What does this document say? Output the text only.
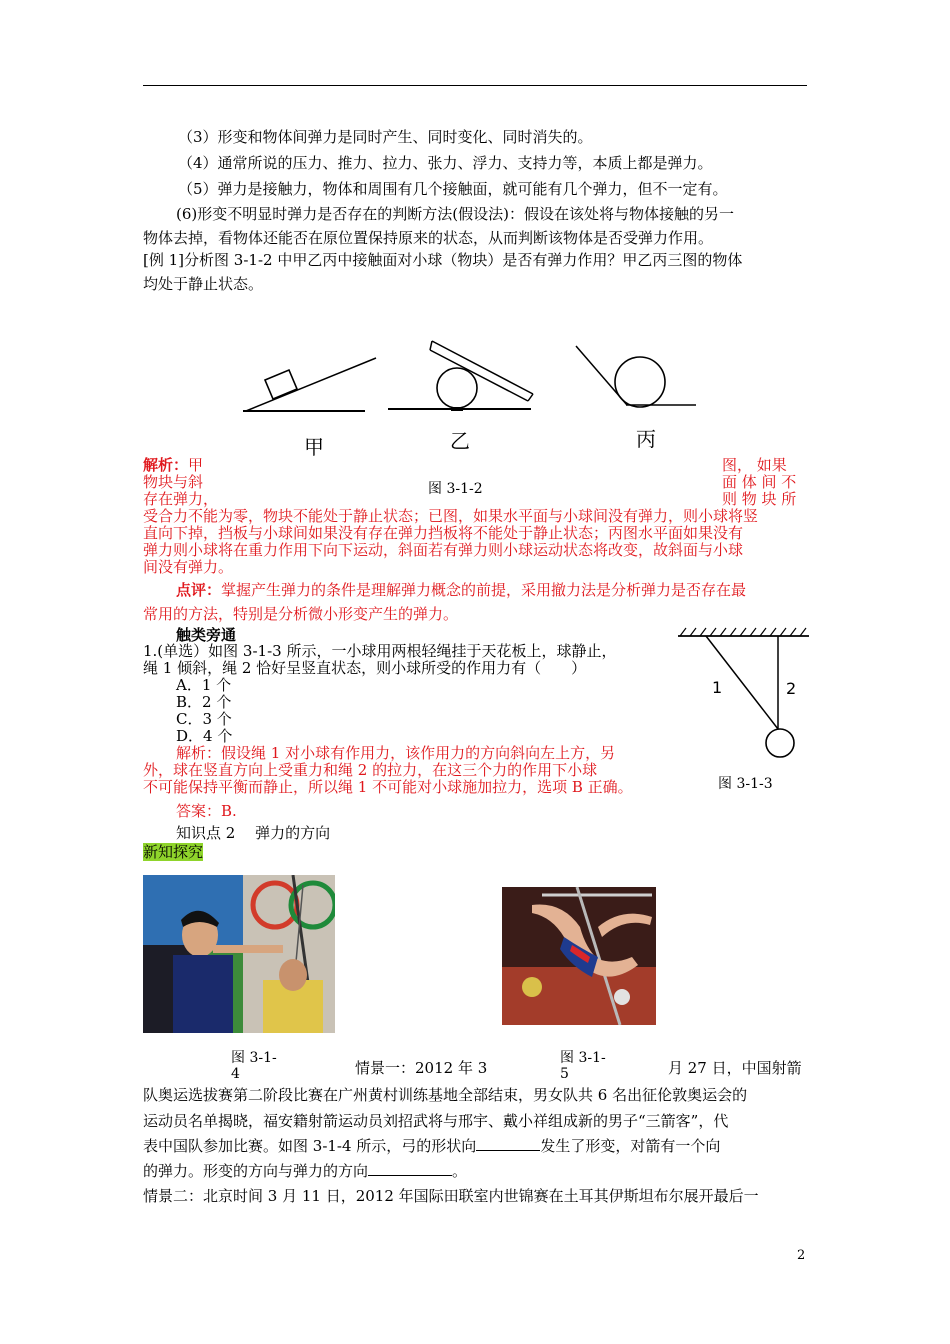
（3）形变和物体间弹力是同时产生、同时变化、同时消失的。
（4）通常所说的压力、推力、拉力、张力、浮力、支持力等，本质上都是弹力。
（5）弹力是接触力，物体和周围有几个接触面，就可能有几个弹力，但不一定有。
(6)形变不明显时弹力是否存在的判断方法(假设法)：假设在该处将与物体接触的另一
物体去掉，看物体还能否在原位置保持原来的状态，从而判断该物体是否受弹力作用。
[例 1]分析图 3-1-2 中甲乙丙中接触面对小球（物块）是否有弹力作用？甲乙丙三图的物体
均处于静止状态。
甲	乙	丙
解析：甲	图， 如果
物块与斜	面 体 间 不
存在弹力，	则 物 块 所
图 3-1-2
受合力不能为零，物块不能处于静止状态；已图，如果水平面与小球间没有弹力，则小球将竖
直向下掉，挡板与小球间如果没有存在弹力挡板将不能处于静止状态；丙图水平面如果没有
弹力则小球将在重力作用下向下运动，斜面若有弹力则小球运动状态将改变，故斜面与小球
间没有弹力。
点评：掌握产生弹力的条件是理解弹力概念的前提，采用撤力法是分析弹力是否存在最
常用的方法，特别是分析微小形变产生的弹力。
触类旁通
1.(单选）如图 3-1-3 所示，一小球用两根轻绳挂于天花板上，球静止，
绳 1 倾斜，绳 2 恰好呈竖直状态，则小球所受的作用力有（　　）
A．1 个
B．2 个
C．3 个
D．4 个
解析：假设绳 1 对小球有作用力，该作用力的方向斜向左上方，另
外，球在竖直方向上受重力和绳 2 的拉力，在这三个力的作用下小球
不可能保持平衡而静止，所以绳 1 不可能对小球施加拉力，选项 B 正确。
答案：B.
1	2
图 3-1-3
知识点 2　 弹力的方向
新知探究
图 3-1-
4	情景一：2012 年 3
图 3-1-
5	月 27 日，中国射箭
队奥运选拔赛第二阶段比赛在广州黄村训练基地全部结束，男女队共 6 名出征伦敦奥运会的
运动员名单揭晓，福安籍射箭运动员刘招武将与邢宇、戴小祥组成新的男子“三箭客”，代
表中国队参加比赛。如图 3-1-4 所示，弓的形状向	发生了形变，对箭有一个向
的弹力。形变的方向与弹力的方向	。
情景二：北京时间 3 月 11 日，2012 年国际田联室内世锦赛在土耳其伊斯坦布尔展开最后一
2
